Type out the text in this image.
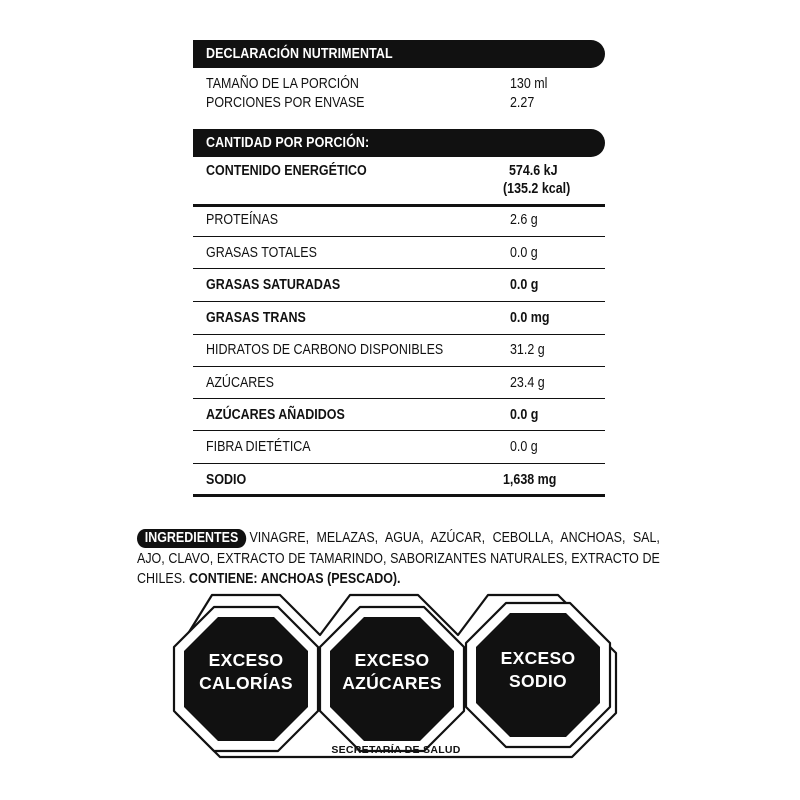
DECLARACIÓN NUTRIMENTAL
TAMAÑO DE LA PORCIÓN	130 ml
PORCIONES POR ENVASE	2.27
CANTIDAD POR PORCIÓN:
CONTENIDO ENERGÉTICO	574.6 kJ
(135.2 kcal)
PROTEÍNAS	2.6 g
GRASAS TOTALES	0.0 g
GRASAS SATURADAS	0.0 g
GRASAS TRANS	0.0 mg
HIDRATOS DE CARBONO DISPONIBLES	31.2 g
AZÚCARES	23.4 g
AZÚCARES AÑADIDOS	0.0 g
FIBRA DIETÉTICA	0.0 g
SODIO	1,638 mg
INGREDIENTES VINAGRE, MELAZAS, AGUA, AZÚCAR, CEBOLLA, ANCHOAS, SAL, AJO, CLAVO, EXTRACTO DE TAMARINDO, SABORIZANTES NATURALES, EXTRACTO DE CHILES. CONTIENE: ANCHOAS (PESCADO).
EXCESO
CALORÍAS
EXCESO
AZÚCARES
EXCESO
SODIO
SECRETARÍA DE SALUD
